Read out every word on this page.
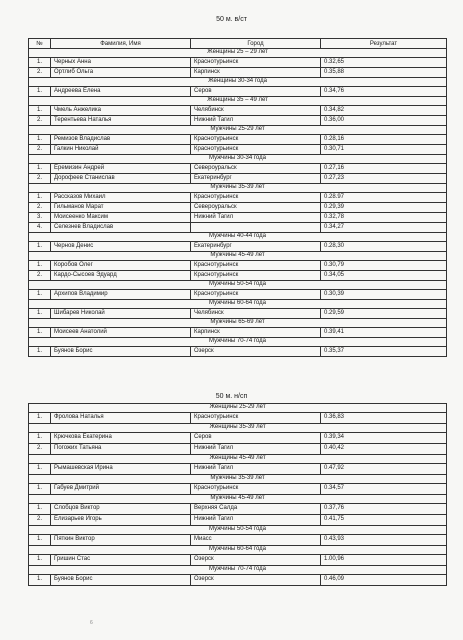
50 м. в/ст
№	Фамилия, Имя	Город	Результат
Женщины 25 – 29 лет			
1.	Черных Анна	Краснотурьинск	0.32,65
2.	Ортлиб Ольга	Карпинск	0.35,88
Женщины 30-34 года			
1.	Андреева Елена	Серов	0.34,76
Женщины 35 – 49 лет			
1.	Чмель Анжелика	Челябинск	0.34,82
2.	Терентьева Наталья	Нижний Тагил	0.36,00
Мужчины 25-29 лет			
1.	Ремизов Владислав	Краснотурьинск	0.28,16
2.	Галкин Николай	Краснотурьинск	0.30,71
Мужчины 30-34 года			
1.	Еремизин Андрей	Североуральск	0.27,16
2.	Дорофеев Станислав	Екатеринбург	0.27,23
Мужчины 35-39 лет			
1.	Рассказов Михаил	Краснотурьинск	0.28.97
2.	Гильманов Марат	Североуральск	0.29,39
3.	Моисеенко Максим	Нижний Тагил	0.32,78
4.	Селезнев Владислав		0.34,27
Мужчины 40-44 года			
1.	Чернов Денис	Екатеринбург	0.28,30
Мужчины 45-49 лет			
1.	Коробов Олег	Краснотурьинск	0.30,79
2.	Кардо-Сысоев Эдуард	Краснотурьинск	0.34,05
Мужчины 50-54 года			
1.	Архипов Владимир	Краснотурьинск	0.30,39
Мужчины 60-64 года			
1.	Шибарев Николай	Челябинск	0.29,59
Мужчины 65-69 лет			
1.	Моисеев Анатолий	Карпинск	0.39,41
Мужчины 70-74 года			
1.	Буянов Борис	Озерск	0.35,37
50 м. н/сп
Женщины 25-29 лет			
1.	Фролова Наталья	Краснотурьинск	0.36,83
Женщины 35-39 лет			
1.	Крючкова Екатерина	Серов	0.39,34
2.	Погожих Татьяна	Нижний Тагил	0.40,42
Женщины 45-49 лет			
1.	Рымашевская Ирина	Нижний Тагил	0.47,92
Мужчины 35-39 лет			
1.	Габуев Дмитрий	Краснотурьинск	0.34,57
Мужчины 45-49 лет			
1.	Слобцов Виктор	Верхняя Салда	0.37,76
2.	Елизарьев Игорь	Нижний Тагил	0.41,75
Мужчины 50-54 года			
1.	Пяткин Виктор	Миасс	0.43,93
Мужчины 60-64 года			
1.	Гришин Стас	Озерск	1.00,96
Мужчины 70-74 года			
1.	Буянов Борис	Озерск	0.46,09
6
